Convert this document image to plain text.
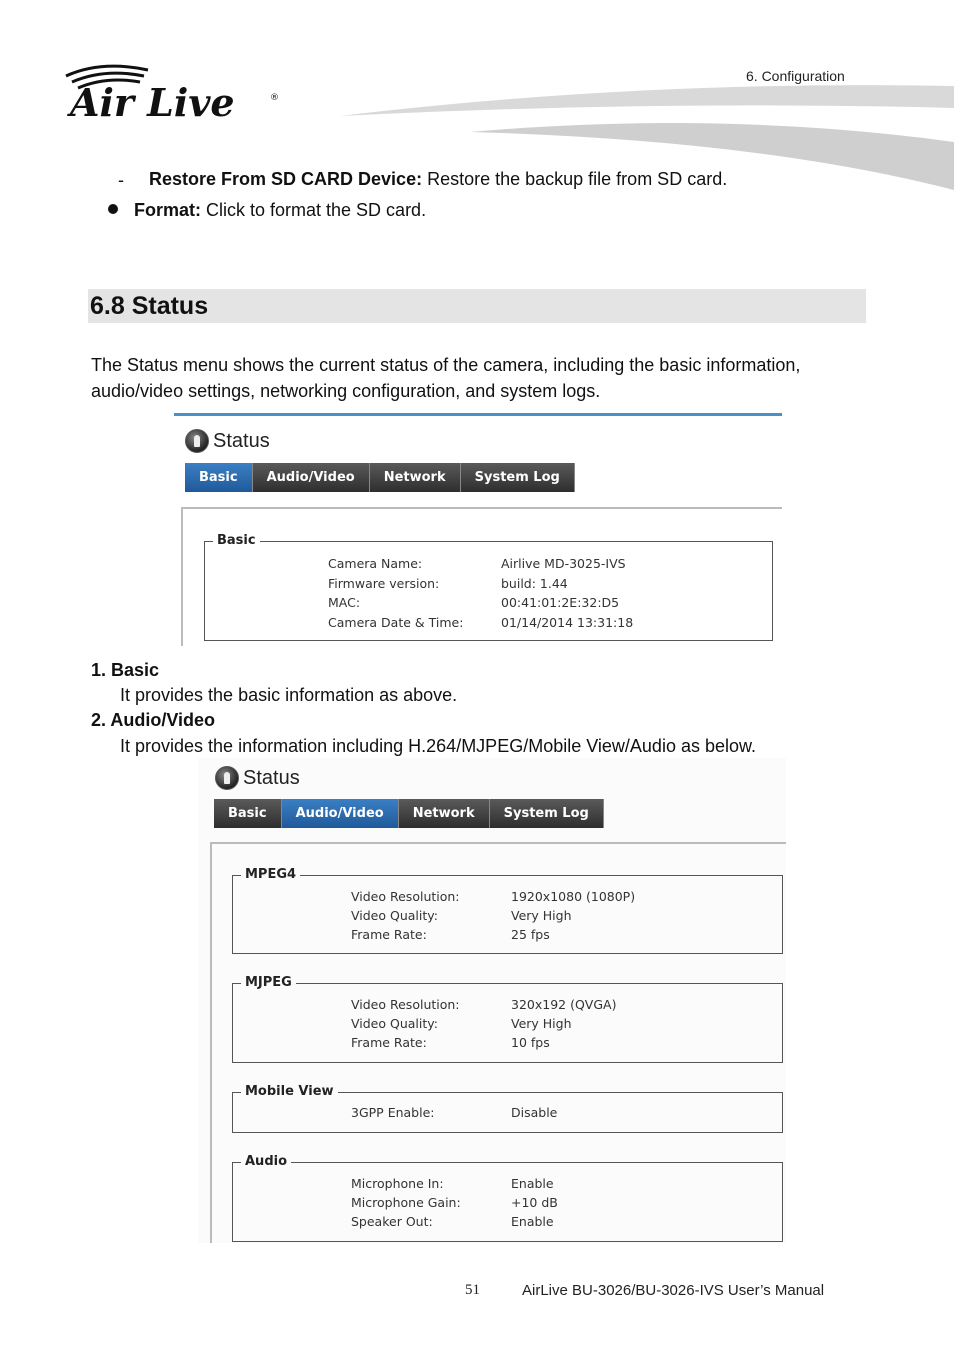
Air Live	®
6. Configuration
- Restore From SD CARD Device: Restore the backup file from SD card.
Format: Click to format the SD card.
6.8 Status
The Status menu shows the current status of the camera, including the basic information,
audio/video settings, networking configuration, and system logs.
Status
Basic	Audio/Video	Network	System Log
Basic
Camera Name:	Airlive MD-3025-IVS
Firmware version:	build: 1.44
MAC:	00:41:01:2E:32:D5
Camera Date & Time:	01/14/2014 13:31:18
1. Basic
It provides the basic information as above.
2. Audio/Video
It provides the information including H.264/MJPEG/Mobile View/Audio as below.
Status
Basic	Audio/Video	Network	System Log
MPEG4
Video Resolution:	1920x1080 (1080P)
Video Quality:	Very High
Frame Rate:	25 fps
MJPEG
Video Resolution:	320x192 (QVGA)
Video Quality:	Very High
Frame Rate:	10 fps
Mobile View
3GPP Enable:	Disable
Audio
Microphone In:	Enable
Microphone Gain:	+10 dB
Speaker Out:	Enable
51	AirLive BU-3026/BU-3026-IVS User’s Manual
